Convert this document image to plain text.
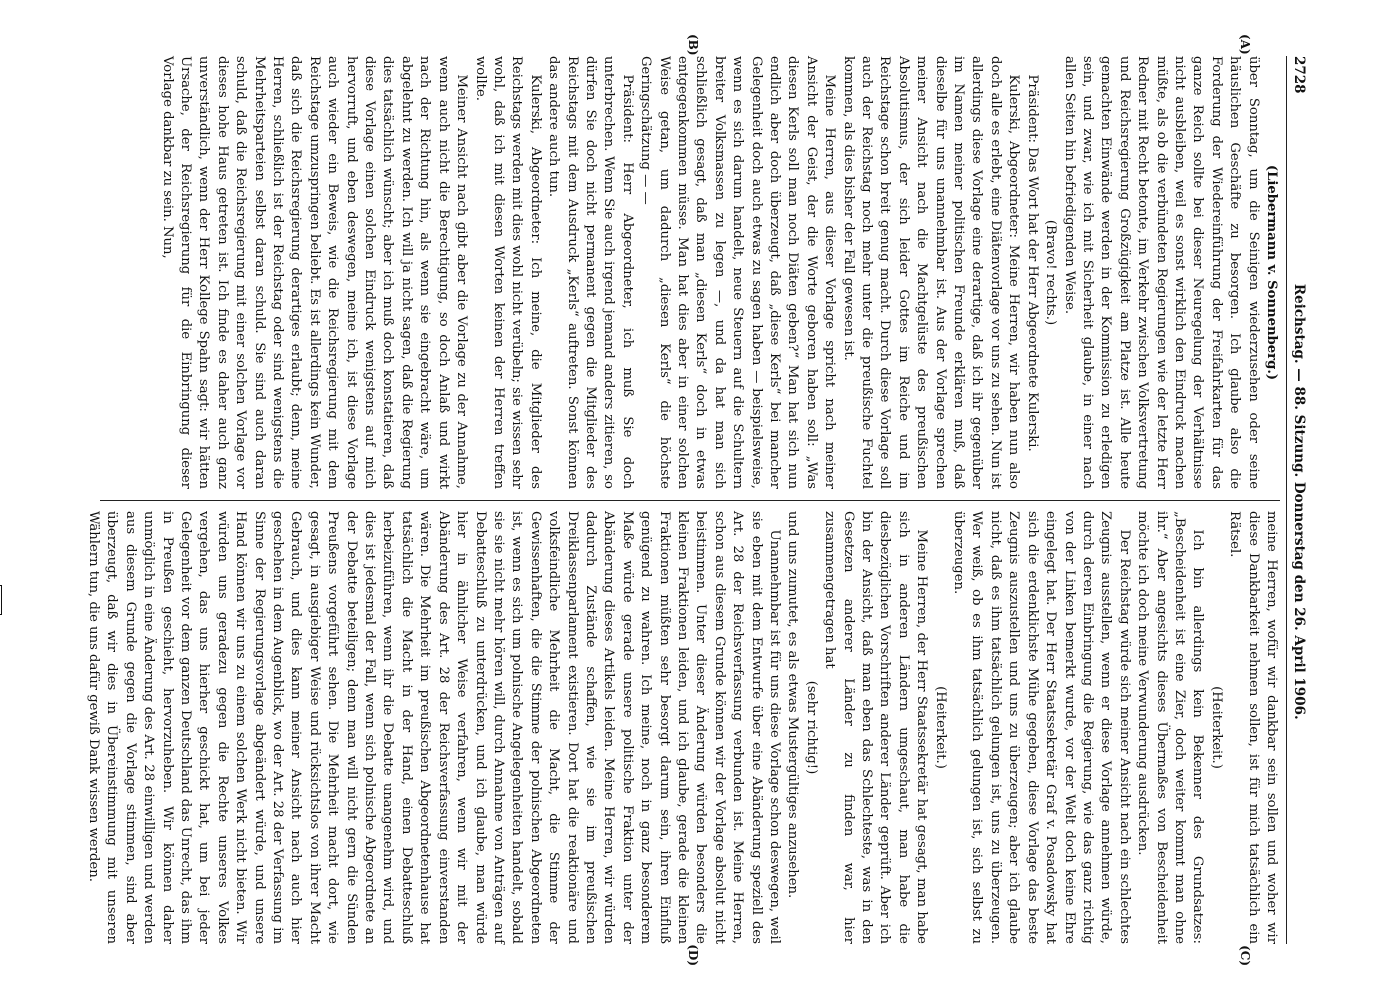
2728
Reichstag. — 88. Sitzung. Donnerstag den 26. April 1906.
(A)
(B)
(C)
(D)

(Liebermann v. Sonnenberg.)

über Sonntag, um die Seinigen wiederzusehen oder seine häuslichen Geschäfte zu besorgen. Ich glaube also die Forderung der Wiedereinführung der Freifahrkarten für das ganze Reich sollte bei dieser Neuregelung der Verhältnisse nicht ausbleiben, weil es sonst wirklich den Eindruck machen müßte, als ob die verbündeten Regierungen wie der letzte Herr Redner mit Recht betonte, im Verkehr zwischen Volksvertretung und Reichsregierung Großzügigkeit am Platze ist. Alle heute gemachten Einwände werden in der Kommission zu erledigen sein, und zwar, wie ich mit Sicherheit glaube, in einer nach allen Seiten hin befriedigenden Weise.

(Bravo! rechts.)

Präsident: Das Wort hat der Herr Abgeordnete Kulerski.

Kulerski, Abgeordneter: Meine Herren, wir haben nun also doch alle es erlebt, eine Diätenvorlage vor uns zu sehen. Nun ist allerdings diese Vorlage eine derartige, daß ich ihr gegenüber im Namen meiner politischen Freunde erklären muß, daß dieselbe für uns unannehmbar ist. Aus der Vorlage sprechen meiner Ansicht nach die Machtgelüste des preußischen Absolutismus, der sich leider Gottes im Reiche und im Reichstage schon breit genug macht. Durch diese Vorlage soll auch der Reichstag noch mehr unter die preußische Fuchtel kommen, als dies bisher der Fall gewesen ist.

Meine Herren, aus dieser Vorlage spricht nach meiner Ansicht der Geist, der die Worte geboren haben soll: „Was diesen Kerls soll man noch Diäten geben?“ Man hat sich nun endlich aber doch überzeugt, daß „diese Kerls“ bei mancher Gelegenheit doch auch etwas zu sagen haben — beispielsweise, wenn es sich darum handelt, neue Steuern auf die Schultern breiter Volksmassen zu legen —, und da hat man sich schließlich gesagt, daß man „diesen Kerls“ doch in etwas entgegenkommen müsse. Man hat dies aber in einer solchen Weise getan, um dadurch „diesen Kerls“ die höchste Geringschätzung — —

Präsident: Herr Abgeordneter, ich muß Sie doch unterbrechen. Wenn Sie auch irgend jemand anders zitieren, so dürfen Sie doch nicht permanent gegen die Mitglieder des Reichstags mit dem Ausdruck „Kerls“ auftreten. Sonst können das andere auch tun.

Kulerski, Abgeordneter: Ich meine, die Mitglieder des Reichstags werden mit dies wohl nicht verübeln; sie wissen sehr wohl, daß ich mit diesen Worten keinen der Herren treffen wollte.

Meiner Ansicht nach gibt aber die Vorlage zu der Annahme, wenn auch nicht die Berechtigung, so doch Anlaß und wirkt nach der Richtung hin, als wenn sie eingebracht wäre, um abgelehnt zu werden. Ich will ja nicht sagen, daß die Regierung dies tatsächlich wünscht; aber ich muß doch konstatieren, daß diese Vorlage einen solchen Eindruck wenigstens auf mich hervorruft, und eben deswegen, meine ich, ist diese Vorlage auch wieder ein Beweis, wie die Reichsregierung mit dem Reichstage umzuspringen beliebt. Es ist allerdings kein Wunder, daß sich die Reichsregierung derartiges erlaubt; denn, meine Herren, schließlich ist der Reichstag oder sind wenigstens die Mehrheitsparteien selbst daran schuld. Sie sind auch daran schuld, daß die Reichsregierung mit einer solchen Vorlage vor dieses hohe Haus getreten ist. Ich finde es daher auch ganz unverständlich, wenn der Herr Kollege Spahn sagt: wir hätten Ursache, der Reichsregierung für die Einbringung dieser Vorlage dankbar zu sein. Nun,

meine Herren, wofür wir dankbar sein sollen und woher wir diese Dankbarkeit nehmen sollen, ist für mich tatsächlich ein Rätsel.

(Heiterkeit.)

Ich bin allerdings kein Bekenner des Grundsatzes: „Bescheidenheit ist eine Zier, doch weiter kommt man ohne ihr.“ Aber angesichts dieses Übermaßes von Bescheidenheit möchte ich doch meine Verwunderung ausdrücken.

Der Reichstag würde sich meiner Ansicht nach ein schlechtes Zeugnis ausstellen, wenn er diese Vorlage annehmen würde, durch deren Einbringung die Regierung, wie das ganz richtig von der Linken bemerkt wurde, vor der Welt doch keine Ehre eingelegt hat. Der Herr Staatssekretär Graf v. Posadowsky hat sich die erdenklichste Mühe gegeben, diese Vorlage das beste Zeugnis auszustellen und uns zu überzeugen; aber ich glaube nicht, daß es ihm tatsächlich gelungen ist, uns zu überzeugen. Wer weiß, ob es ihm tatsächlich gelungen ist, sich selbst zu überzeugen.

(Heiterkeit.)

Meine Herren, der Herr Staatssekretär hat gesagt, man habe sich in anderen Ländern umgeschaut, man habe die diesbezüglichen Vorschriften anderer Länder geprüft. Aber ich bin der Ansicht, daß man eben das Schlechteste, was in den Gesetzen anderer Länder zu finden war, hier zusammengetragen hat

(sehr richtig!)

und uns zumutet, es als etwas Mustergültiges anzusehen.

Unannehmbar ist für uns diese Vorlage schon deswegen, weil sie eben mit dem Entwurfe über eine Abänderung speziell des Art. 28 der Reichsverfassung verbunden ist. Meine Herren, schon aus diesem Grunde können wir der Vorlage absolut nicht beistimmen. Unter dieser Änderung würden besonders die kleinen Fraktionen leiden, und ich glaube, gerade die kleinen Fraktionen müßten sehr besorgt darum sein, ihren Einfluß genügend zu wahren. Ich meine, noch in ganz besonderem Maße würde gerade unsere politische Fraktion unter der Abänderung dieses Artikels leiden. Meine Herren, wir würden dadurch Zustände schaffen, wie sie im preußischen Dreiklassenparlament existieren. Dort hat die reaktionäre und volksfeindliche Mehrheit die Macht, die Stimme der Gewissenhaften, die die Stimme der polnischen Abgeordneten ist, wenn es sich um polnische Angelegenheiten handelt, sobald sie sie nicht mehr hören will, durch Annahme von Anträgen auf Debatteschluß zu unterdrücken, und ich glaube, man würde hier in ähnlicher Weise verfahren, wenn wir mit der Abänderung des Art. 28 der Reichsverfassung einverstanden wären. Die Mehrheit im preußischen Abgeordnetenhause hat tatsächlich die Macht in der Hand, einen Debatteschluß herbeizuführen, wenn ihr die Debatte unangenehm wird, und dies ist jedesmal der Fall, wenn sich polnische Abgeordnete an der Debatte beteiligen; denn man will nicht gern die Sünden Preußens vorgeführt sehen. Die Mehrheit macht dort, wie gesagt, in ausgiebiger Weise und rücksichtslos von ihrer Macht Gebrauch, und dies kann meiner Ansicht nach auch hier geschehen in dem Augenblick, wo der Art. 28 der Verfassung im Sinne der Regierungsvorlage abgeändert würde, und unsere Hand können wir uns zu einem solchen Werk nicht bieten. Wir würden uns geradezu gegen die Rechte unseres Volkes vergehen, das uns hierher geschickt hat, um bei jeder Gelegenheit vor dem ganzen Deutschland das Unrecht, das ihm in Preußen geschieht, hervorzuheben. Wir können daher unmöglich in eine Änderung des Art. 28 einwilligen und werden aus diesem Grunde gegen die Vorlage stimmen, sind aber überzeugt, daß wir dies in Übereinstimmung mit unseren Wählern tun, die uns dafür gewiß Dank wissen werden.
